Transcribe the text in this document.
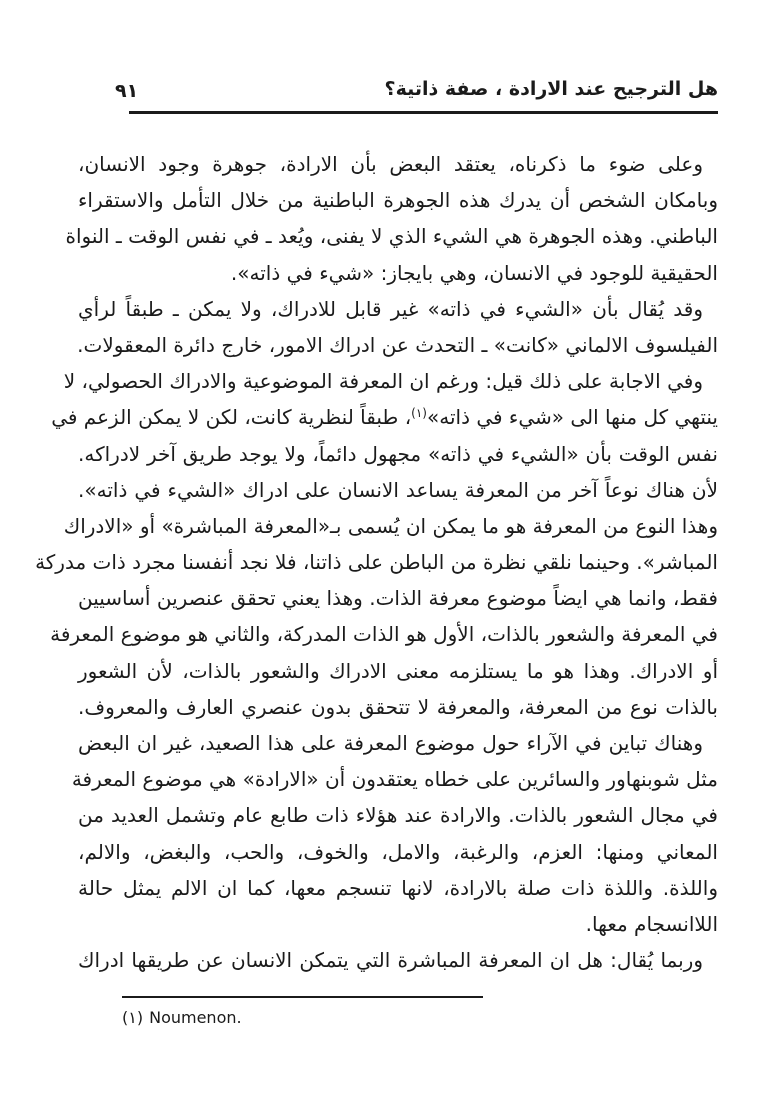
٩١	هل الترجيح عند الارادة ، صفة ذاتية؟
وعلى ضوء ما ذكرناه، يعتقد البعض بأن الارادة، جوهرة وجود الانسان،
وبامكان الشخص أن يدرك هذه الجوهرة الباطنية من خلال التأمل والاستقراء
الباطني. وهذه الجوهرة هي الشيء الذي لا يفنى، ويُعد ـ في نفس الوقت ـ النواة
الحقيقية للوجود في الانسان، وهي بايجاز: «شيء في ذاته».
وقد يُقال بأن «الشيء في ذاته» غير قابل للادراك، ولا يمكن ـ طبقاً لرأي
الفيلسوف الالماني «كانت» ـ التحدث عن ادراك الامور، خارج دائرة المعقولات.
وفي الاجابة على ذلك قيل: ورغم ان المعرفة الموضوعية والادراك الحصولي، لا
ينتهي كل منها الى «شيء في ذاته»$^{(١)}$، طبقاً لنظرية كانت، لكن لا يمكن الزعم في
نفس الوقت بأن «الشيء في ذاته» مجهول دائماً، ولا يوجد طريق آخر لادراكه.
لأن هناك نوعاً آخر من المعرفة يساعد الانسان على ادراك «الشيء في ذاته».
وهذا النوع من المعرفة هو ما يمكن ان يُسمى بـ«المعرفة المباشرة» أو «الادراك
المباشر». وحينما نلقي نظرة من الباطن على ذاتنا، فلا نجد أنفسنا مجرد ذات مدركة
فقط، وانما هي ايضاً موضوع معرفة الذات. وهذا يعني تحقق عنصرين أساسيين
في المعرفة والشعور بالذات، الأول هو الذات المدركة، والثاني هو موضوع المعرفة
أو الادراك. وهذا هو ما يستلزمه معنى الادراك والشعور بالذات، لأن الشعور
بالذات نوع من المعرفة، والمعرفة لا تتحقق بدون عنصري العارف والمعروف.
وهناك تباين في الآراء حول موضوع المعرفة على هذا الصعيد، غير ان البعض
مثل شوبنهاور والسائرين على خطاه يعتقدون أن «الارادة» هي موضوع المعرفة
في مجال الشعور بالذات. والارادة عند هؤلاء ذات طابع عام وتشمل العديد من
المعاني ومنها: العزم، والرغبة، والامل، والخوف، والحب، والبغض، والالم،
واللذة. واللذة ذات صلة بالارادة، لانها تنسجم معها، كما ان الالم يمثل حالة
اللاانسجام معها.
وربما يُقال: هل ان المعرفة المباشرة التي يتمكن الانسان عن طريقها ادراك
(١) Noumenon.
